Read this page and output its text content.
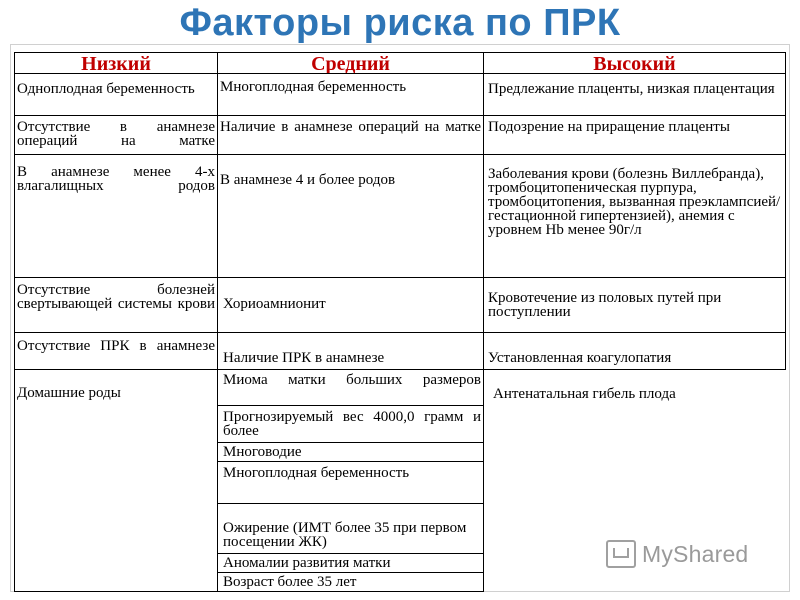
Факторы риска по ПРК
Низкий	Средний	Высокий
Одноплодная беременность
Отсутствие в анамнезе операций на матке
В анамнезе менее 4-х влагалищных родов
Отсутствие болезней свертывающей системы крови
Отсутствие ПРК в анамнезе
Домашние роды
Многоплодная беременность
Наличие в анамнезе операций на матке
В анамнезе 4 и более родов
Хориоамнионит
Наличие ПРК в анамнезе
Миома матки больших размеров
Прогнозируемый вес 4000,0 грамм и более
Многоводие
Многоплодная беременность
Ожирение (ИМТ более 35 при первом посещении ЖК)
Аномалии развития матки
Возраст более 35 лет
Предлежание плаценты, низкая плацентация
Подозрение на приращение плаценты
Заболевания крови (болезнь Виллебранда), тромбоцитопеническая пурпура, тромбоцитопения, вызванная преэклампсией/гестационной гипертензией), анемия с уровнем Hb менее 90г/л
Кровотечение из половых путей при поступлении
Установленная коагулопатия
Антенатальная гибель плода
MyShared
